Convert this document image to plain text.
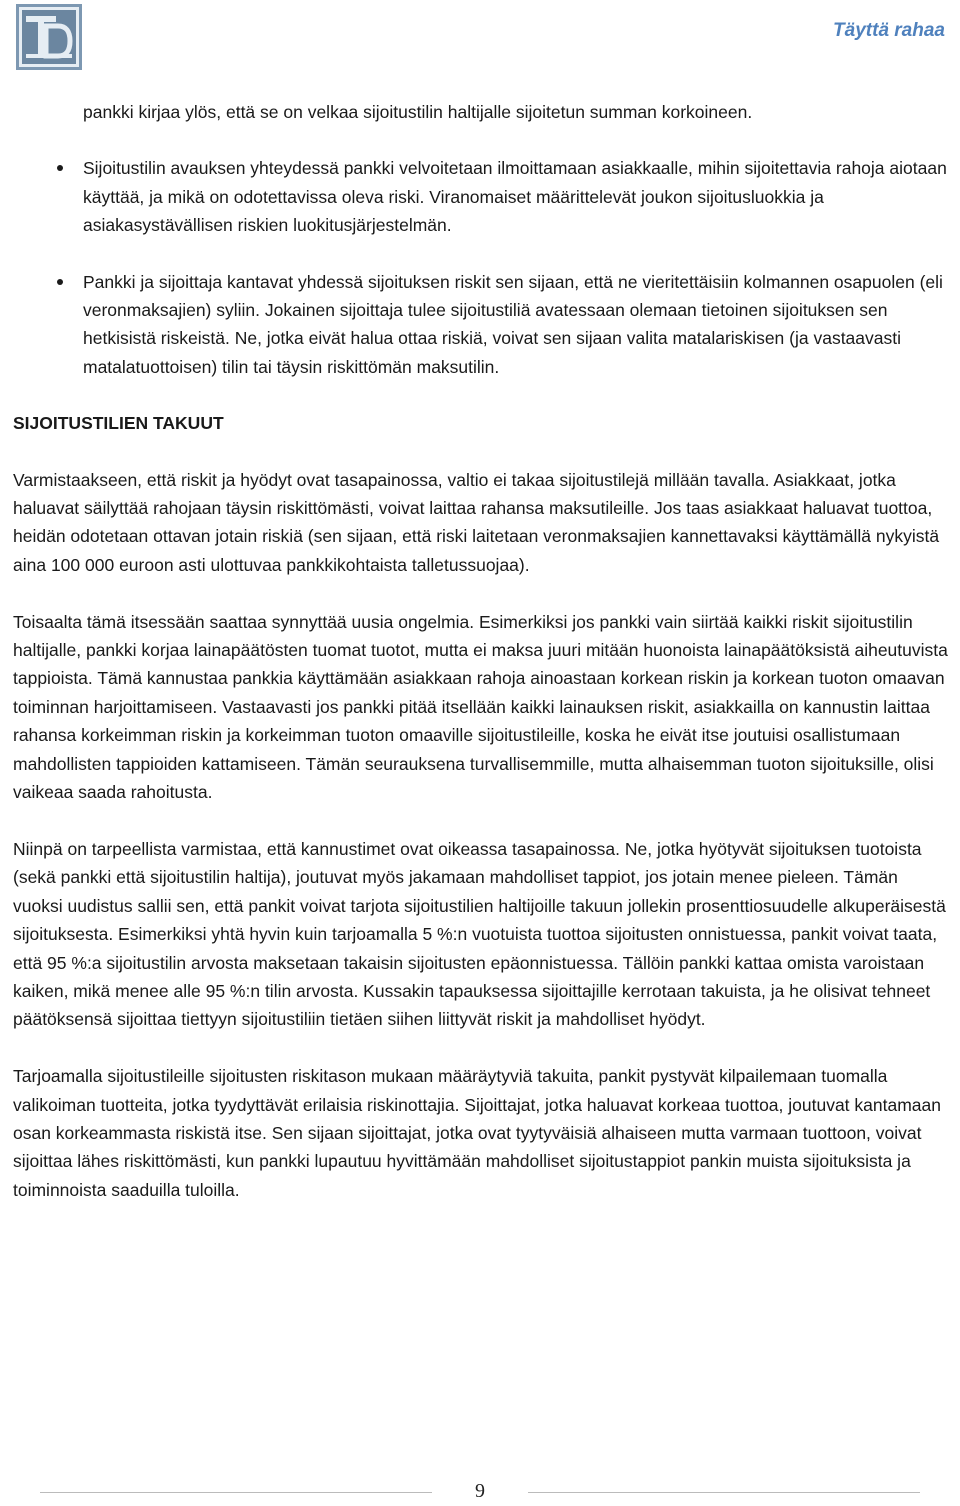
Täyttä rahaa

pankki kirjaa ylös, että se on velkaa sijoitustilin haltijalle sijoitetun summan korkoineen.

Sijoitustilin avauksen yhteydessä pankki velvoitetaan ilmoittamaan asiakkaalle, mihin sijoitettavia rahoja aiotaan käyttää, ja mikä on odotettavissa oleva riski. Viranomaiset määrittelevät joukon sijoitusluokkia ja asiakasystävällisen riskien luokitusjärjestelmän.
Pankki ja sijoittaja kantavat yhdessä sijoituksen riskit sen sijaan, että ne vieritettäisiin kolmannen osapuolen (eli veronmaksajien) syliin. Jokainen sijoittaja tulee sijoitustiliä avatessaan olemaan tietoinen sijoituksen sen hetkisistä riskeistä. Ne, jotka eivät halua ottaa riskiä, voivat sen sijaan valita matalariskisen (ja vastaavasti matalatuottoisen) tilin tai täysin riskittömän maksutilin.

SIJOITUSTILIEN TAKUUT

Varmistaakseen, että riskit ja hyödyt ovat tasapainossa, valtio ei takaa sijoitustilejä millään tavalla. Asiakkaat, jotka haluavat säilyttää rahojaan täysin riskittömästi, voivat laittaa rahansa maksutileille. Jos taas asiakkaat haluavat tuottoa, heidän odotetaan ottavan jotain riskiä (sen sijaan, että riski laitetaan veronmaksajien kannettavaksi käyttämällä nykyistä aina 100 000 euroon asti ulottuvaa pankkikohtaista talletussuojaa).

Toisaalta tämä itsessään saattaa synnyttää uusia ongelmia. Esimerkiksi jos pankki vain siirtää kaikki riskit sijoitustilin haltijalle, pankki korjaa lainapäätösten tuomat tuotot, mutta ei maksa juuri mitään huonoista lainapäätöksistä aiheutuvista tappioista. Tämä kannustaa pankkia käyttämään asiakkaan rahoja ainoastaan korkean riskin ja korkean tuoton omaavan toiminnan harjoittamiseen. Vastaavasti jos pankki pitää itsellään kaikki lainauksen riskit, asiakkailla on kannustin laittaa rahansa korkeimman riskin ja korkeimman tuoton omaaville sijoitustileille, koska he eivät itse joutuisi osallistumaan mahdollisten tappioiden kattamiseen. Tämän seurauksena turvallisemmille, mutta alhaisemman tuoton sijoituksille, olisi vaikeaa saada rahoitusta.

Niinpä on tarpeellista varmistaa, että kannustimet ovat oikeassa tasapainossa. Ne, jotka hyötyvät sijoituksen tuotoista (sekä pankki että sijoitustilin haltija), joutuvat myös jakamaan mahdolliset tappiot, jos jotain menee pieleen. Tämän vuoksi uudistus sallii sen, että pankit voivat tarjota sijoitustilien haltijoille takuun jollekin prosenttiosuudelle alkuperäisestä sijoituksesta. Esimerkiksi yhtä hyvin kuin tarjoamalla 5 %:n vuotuista tuottoa sijoitusten onnistuessa, pankit voivat taata, että 95 %:a sijoitustilin arvosta maksetaan takaisin sijoitusten epäonnistuessa. Tällöin pankki kattaa omista varoistaan kaiken, mikä menee alle 95 %:n tilin arvosta. Kussakin tapauksessa sijoittajille kerrotaan takuista, ja he olisivat tehneet päätöksensä sijoittaa tiettyyn sijoitustiliin tietäen siihen liittyvät riskit ja mahdolliset hyödyt.

Tarjoamalla sijoitustileille sijoitusten riskitason mukaan määräytyviä takuita, pankit pystyvät kilpailemaan tuomalla valikoiman tuotteita, jotka tyydyttävät erilaisia riskinottajia. Sijoittajat, jotka haluavat korkeaa tuottoa, joutuvat kantamaan osan korkeammasta riskistä itse. Sen sijaan sijoittajat, jotka ovat tyytyväisiä alhaiseen mutta varmaan tuottoon, voivat sijoittaa lähes riskittömästi, kun pankki lupautuu hyvittämään mahdolliset sijoitustappiot pankin muista sijoituksista ja toiminnoista saaduilla tuloilla.

9
